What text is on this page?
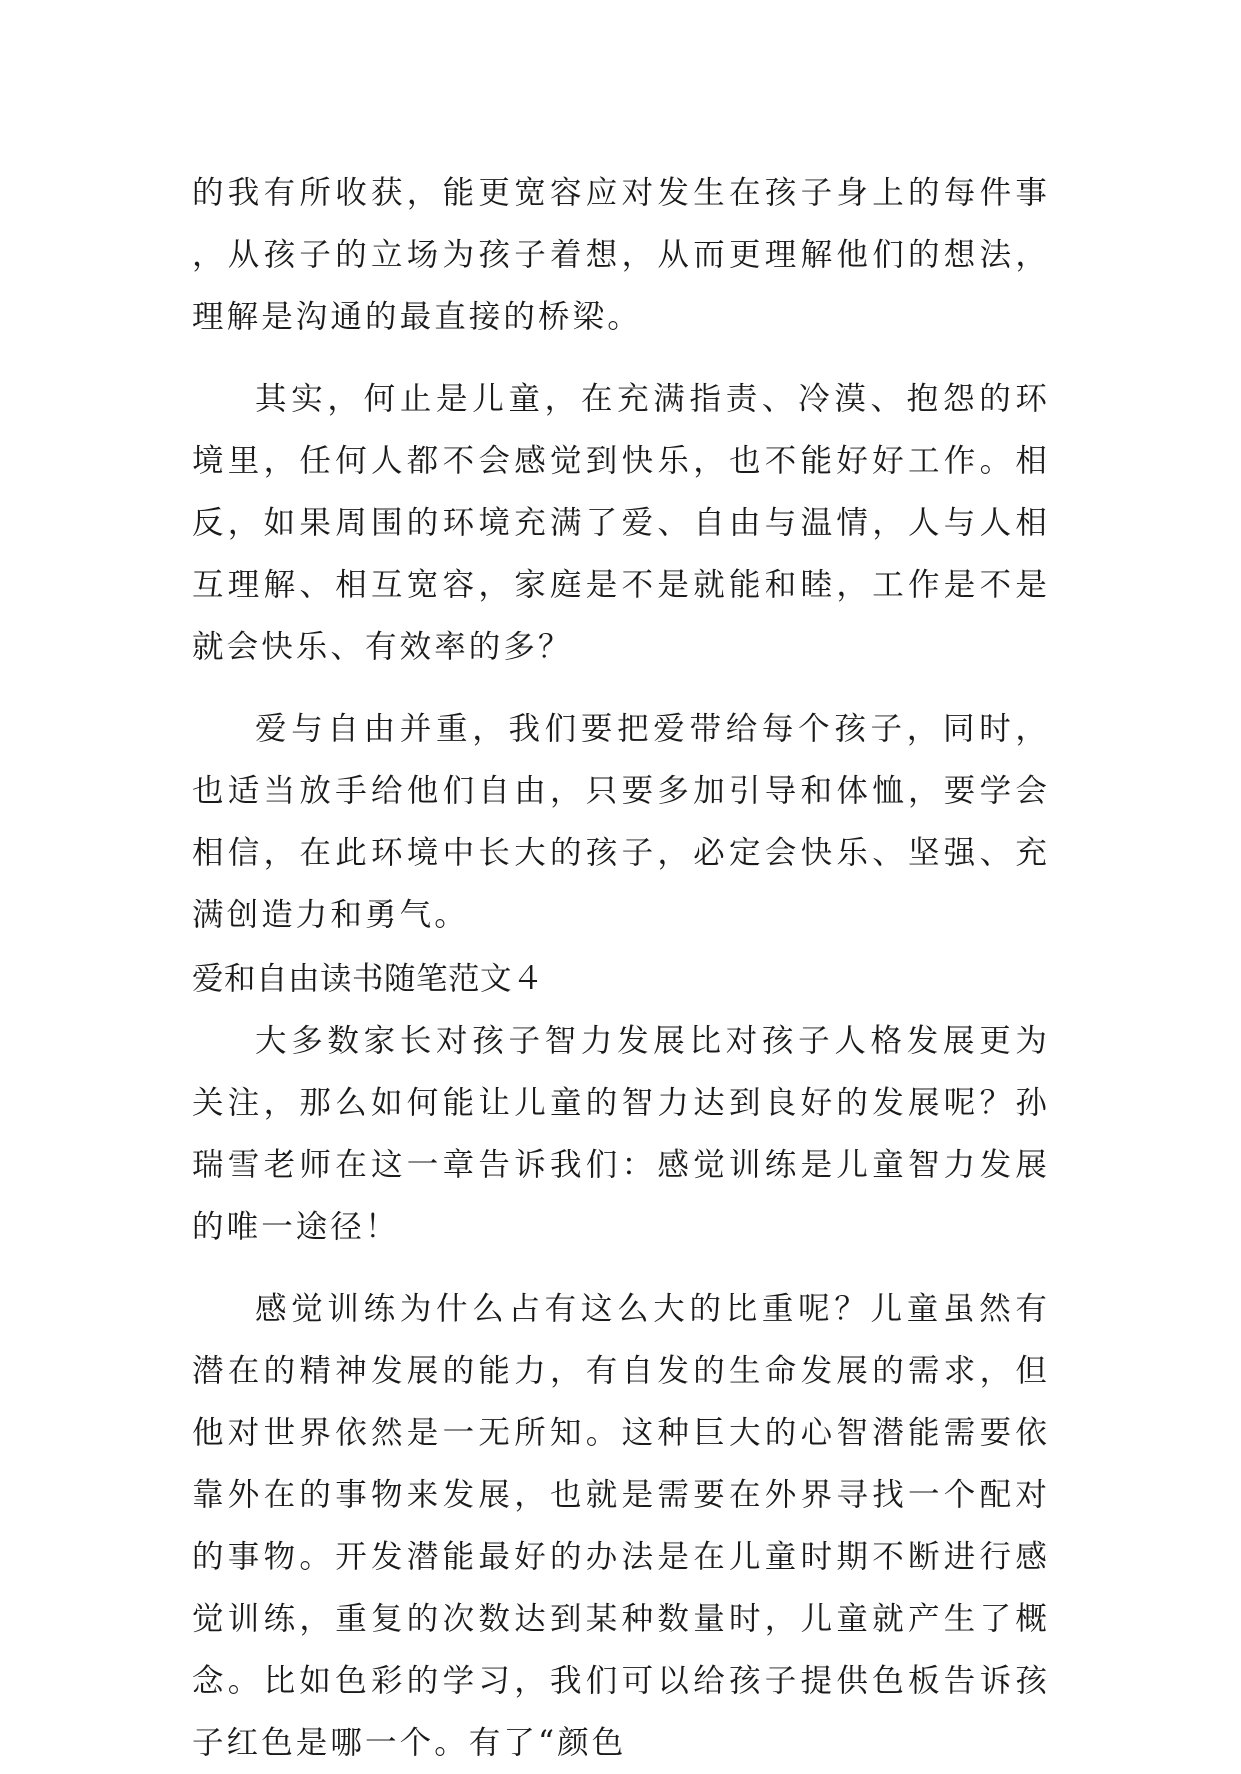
的我有所收获，能更宽容应对发生在孩子身上的每件事，从孩子的立场为孩子着想，从而更理解他们的想法，理解是沟通的最直接的桥梁。

其实，何止是儿童，在充满指责、冷漠、抱怨的环境里，任何人都不会感觉到快乐，也不能好好工作。相反，如果周围的环境充满了爱、自由与温情，人与人相互理解、相互宽容，家庭是不是就能和睦，工作是不是就会快乐、有效率的多？

爱与自由并重，我们要把爱带给每个孩子，同时，也适当放手给他们自由，只要多加引导和体恤，要学会相信，在此环境中长大的孩子，必定会快乐、坚强、充满创造力和勇气。

爱和自由读书随笔范文４

大多数家长对孩子智力发展比对孩子人格发展更为关注，那么如何能让儿童的智力达到良好的发展呢？孙瑞雪老师在这一章告诉我们：感觉训练是儿童智力发展的唯一途径！

感觉训练为什么占有这么大的比重呢？儿童虽然有潜在的精神发展的能力，有自发的生命发展的需求，但他对世界依然是一无所知。这种巨大的心智潜能需要依靠外在的事物来发展，也就是需要在外界寻找一个配对的事物。开发潜能最好的办法是在儿童时期不断进行感觉训练，重复的次数达到某种数量时，儿童就产生了概念。比如色彩的学习，我们可以给孩子提供色板告诉孩子红色是哪一个。有了“颜色
